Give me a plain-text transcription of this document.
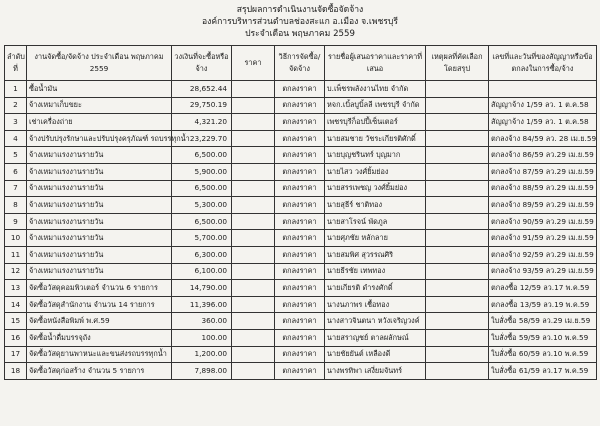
สรุปผลการดำเนินงานจัดซื้อจัดจ้าง
องค์การบริหารส่วนตำบลช่องสะแก อ.เมือง จ.เพชรบุรี
ประจำเดือน พฤษภาคม 2559
ลำดับที่	งานจัดซื้อ/จัดจ้าง ประจำเดือน พฤษภาคม 2559	วงเงินที่จะซื้อหรือจ้าง	ราคา	วิธีการจัดซื้อ/จัดจ้าง	รายชื่อผู้เสนอราคาและราคาที่เสนอ	เหตุผลที่คัดเลือกโดยสรุป	เลขที่และวันที่ของสัญญาหรือข้อตกลงในการซื้อ/จ้าง
1	ซื้อน้ำมัน	28,652.44		ตกลงราคา	บ.เพ็ชรพลังงานไทย จำกัด		
2	จ้างเหมาเก็บขยะ	29,750.19		ตกลงราคา	หจก.เบิ้ลบูบิ้ลลี เพชรบุรี จำกัด		สัญญาจ้าง 1/59 ลว. 1 ต.ค.58
3	เช่าเครื่องถ่าย	4,321.20		ตกลงราคา	เพชรบุรีก็อปปี้เซ็นเตอร์		สัญญาจ้าง 1/59 ลว. 1 ต.ค.58
4	จ้างปรับปรุงรักษาและปรับปรุงครุภัณฑ์ รถบรรทุกน้ำ	23,229.70		ตกลงราคา	นายสมชาย วัชระเกียรติศักดิ์		ตกลงจ้าง 84/59 ลว. 28 เม.ย.59
5	จ้างเหมาแรงงานรายวัน	6,500.00		ตกลงราคา	นายบุญชรินทร์ บุญมาก		ตกลงจ้าง 86/59 ลว.29 เม.ย.59
6	จ้างเหมาแรงงานรายวัน	5,900.00		ตกลงราคา	นายไสว วงศ์ยิ้มย่อง		ตกลงจ้าง 87/59 ลว.29 เม.ย.59
7	จ้างเหมาแรงงานรายวัน	6,500.00		ตกลงราคา	นายสรรเพชญ วงศ์ยิ้มย่อง		ตกลงจ้าง 88/59 ลว.29 เม.ย.59
8	จ้างเหมาแรงงานรายวัน	5,300.00		ตกลงราคา	นายสุธีร์ ชาติทอง		ตกลงจ้าง 89/59 ลว.29 เม.ย.59
9	จ้างเหมาแรงงานรายวัน	6,500.00		ตกลงราคา	นายสาโรจน์ พัดภูล		ตกลงจ้าง 90/59 ลว.29 เม.ย.59
10	จ้างเหมาแรงงานรายวัน	5,700.00		ตกลงราคา	นายศุภชัย หลักลาย		ตกลงจ้าง 91/59 ลว.29 เม.ย.59
11	จ้างเหมาแรงงานรายวัน	6,300.00		ตกลงราคา	นายสมพิศ สุวรรณศิริ		ตกลงจ้าง 92/59 ลว.29 เม.ย.59
12	จ้างเหมาแรงงานรายวัน	6,100.00		ตกลงราคา	นายธีรชัย เทพทอง		ตกลงจ้าง 93/59 ลว.29 เม.ย.59
13	จัดซื้อวัสดุคอมพิวเตอร์ จำนวน 6 รายการ	14,790.00		ตกลงราคา	นายเกียรติ ดำรงศักดิ์		ตกลงซื้อ 12/59 ลว.17 พ.ค.59
14	จัดซื้อวัสดุสำนักงาน จำนวน 14 รายการ	11,396.00		ตกลงราคา	นางนภาพร เชื้อทอง		ตกลงซื้อ 13/59 ลว.19 พ.ค.59
15	จัดซื้อหนังสือพิมพ์ พ.ศ.59	360.00		ตกลงราคา	นางสาวจินตนา หวังเจริญวงค์		ใบสั่งซื้อ 58/59 ลว.29 เม.ย.59
16	จัดซื้อน้ำดื่มบรรจุถัง	100.00		ตกลงราคา	นายสราญชย์ ตาลผลักษณ์		ใบสั่งซื้อ 59/59 ลว.10 พ.ค.59
17	จัดซื้อวัสดุยานพาหนะและขนส่งรถบรรทุกน้ำ	1,200.00		ตกลงราคา	นายชัยยันต์ เหลืองดี		ใบสั่งซื้อ 60/59 ลว.10 พ.ค.59
18	จัดซื้อวัสดุก่อสร้าง จำนวน 5 รายการ	7,898.00		ตกลงราคา	นางพรทิพา เสงี่ยมจันทร์		ใบสั่งซื้อ 61/59 ลว.17 พ.ค.59
